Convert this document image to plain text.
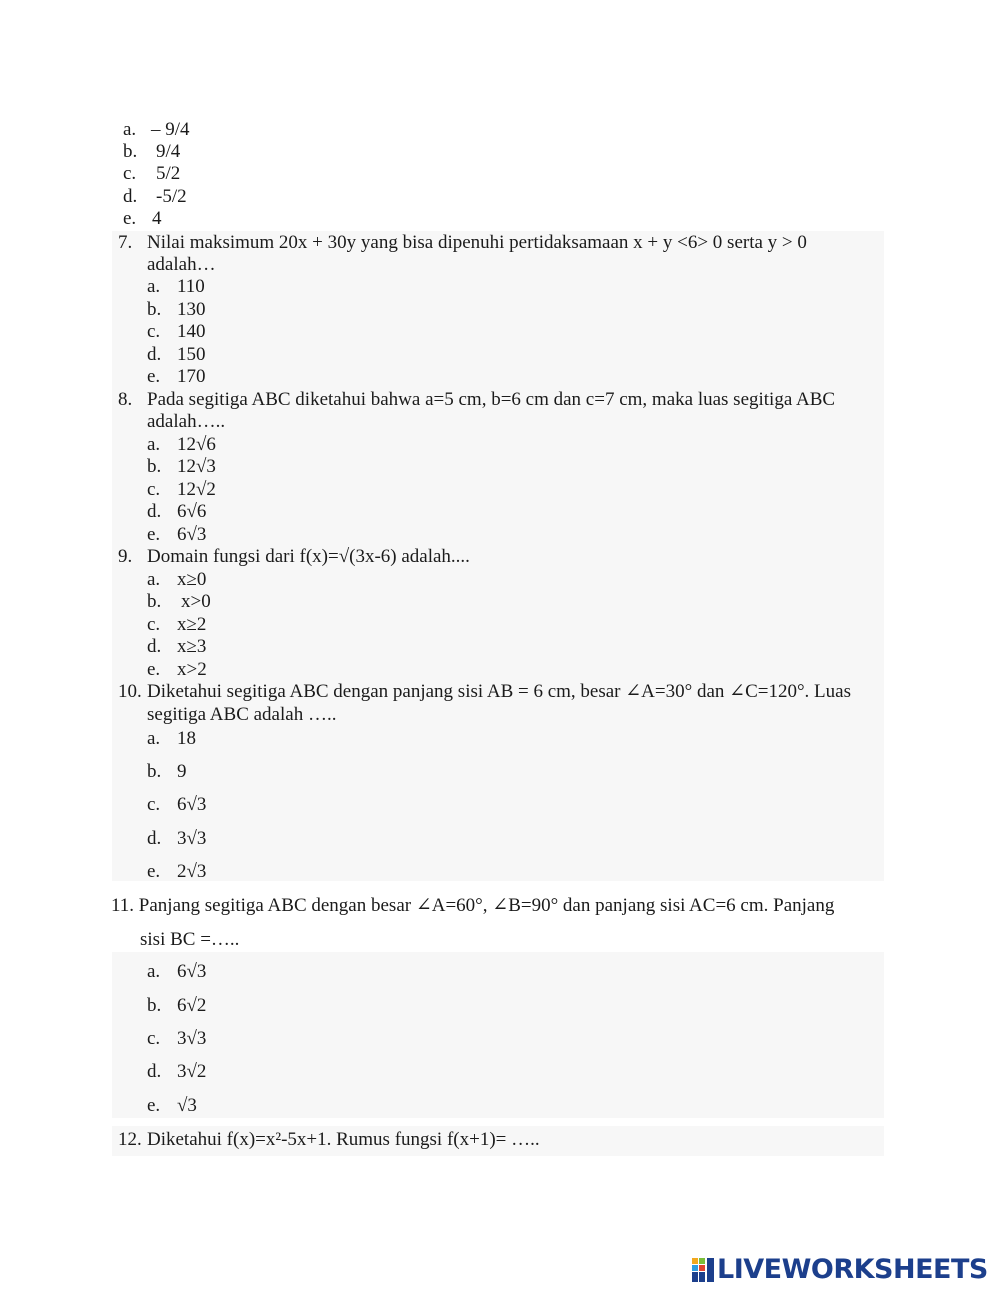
a. – 9/4
b. 9/4
c. 5/2
d. -5/2
e. 4
7. Nilai maksimum 20x + 30y yang bisa dipenuhi pertidaksamaan x + y <6> 0 serta y > 0
adalah…
a. 110
b. 130
c. 140
d. 150
e. 170
8. Pada segitiga ABC diketahui bahwa a=5 cm, b=6 cm dan c=7 cm, maka luas segitiga ABC
adalah…..
a. 12√6
b. 12√3
c. 12√2
d. 6√6
e. 6√3
9. Domain fungsi dari f(x)=√(3x-6) adalah....
a. x≥0
b. x>0
c. x≥2
d. x≥3
e. x>2
10. Diketahui segitiga ABC dengan panjang sisi AB = 6 cm, besar ∠A=30° dan ∠C=120°. Luas
segitiga ABC adalah …..
a. 18
b. 9
c. 6√3
d. 3√3
e. 2√3
11. Panjang segitiga ABC dengan besar ∠A=60°, ∠B=90° dan panjang sisi AC=6 cm. Panjang
sisi BC =…..
a. 6√3
b. 6√2
c. 3√3
d. 3√2
e. √3
12. Diketahui f(x)=x²-5x+1. Rumus fungsi f(x+1)= …..
LIVEWORKSHEETS
